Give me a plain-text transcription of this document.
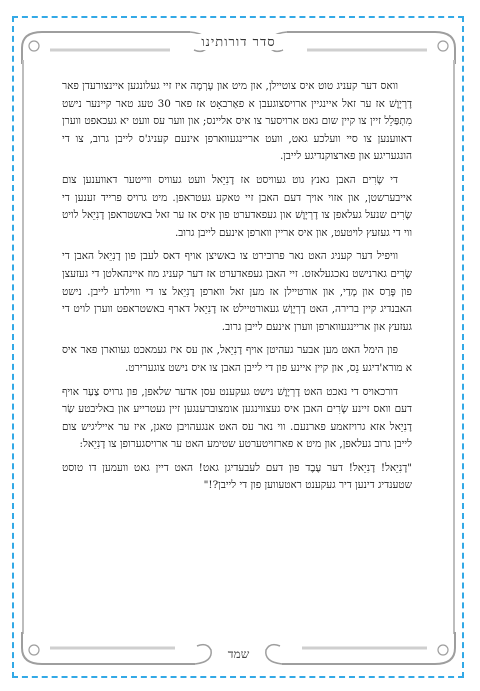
סדר דורותינו
שמד

וואס דער קעניג טוט איס צוטיילן, און מיט און עָרְמָה איז זיי געלונגען איינצורעדן פאר דָרְיָוֶשׁ אז ער זאל איינגיין ארויסצוגעבן א פאַרבאָט אז פאר 30 טעג טאר קיינער נישט מִתְפַּלֵל זיין צו קיין שום גאט ארויסער צו איס אליינס; און ווער עס וועט יא געכאפט ווערן דאווענען צו סיי וועלכע גאט, וועט אריינגעווארפן אינעם קעניג'ס לייבן גרוב, צו די הונגעריגע און פארצוקנדיגע לייבן.

די שָׂרִים האבן גאנץ גוט געוויסט אז דָנִיֵאל וועט געוויס ווייטער דאווענען צום אייבערשטן, און אזוי אויך דעם האבן זיי טאקע געטראפן. מיט גרויס פרייד זענען די שָׂרִים שנעל געלאפן צו דָרְיָוֶשׁ און געפאדערט פון איס אז ער זאל באשטראפן דָנִיֵאל לויט ווי די געזעץ לויטעט, און איס אריין ווארפן אינעם לייבן גרוב.

וויפיל דער קעניג האט נאר פרובירט צו באשיצן אויף דאס לעבן פון דָנִיֵאל האבן די שָׂרִים גארנישט נאכגעלאזט. זיי האבן געפאדערט אז דער קעניג מוז איינהאלטן די געזעצן פון פָּרַס און מָדַי, און אורטיילן אז מען זאל ווארפן דָנִיֵאל צו די וווילדע לייבן. נישט האבנדיג קיין ברירה, האט דָרְיָוֶשׁ געאורטיילט אז דָנִיֵאל דארף באשטראפט ווערן לויט די געזעץ און אריינגעווארפן ווערן אינעם לייבן גרוב.

פון הימל האט מען אבער געהיטן אויף דָנִיֵאל, און עס איז געמאכט געווארן פאר איס א מורא'דיגע נֵס, און קיין איינע פון די לייבן האבן צו איס נישט צוגערירט.

דורכאויס די נאכט האט דָרְיָוֶשׁ נישט געקענט עסן אדער שלאפן, פון גרויס צַעַר אויף דעם וואס זיינע שָׂרִים האבן איס געצווינגען אומצוברענגען זיין געטרייע און באליבטע שַׂר דָנִיֵאל אזא גרויזאמע פארנעם. ווי נאר עס האט אנגעהויבן טאגן, איז ער אייליגיש צום לייבן גרוב געלאפן, און מיט א פארזויטערטע שטימע האט ער ארויסגערופן צו דָנִיֵאל:

"דָנִיֵאל! דָנִיֵאל! דער עֶבֶד פון דעם לעבעדיגן גאט! האט דיין גאט וועמען דו טוסט שטענדיג דינען דיר געקענט ראטעווען פון די לייבן?!"
